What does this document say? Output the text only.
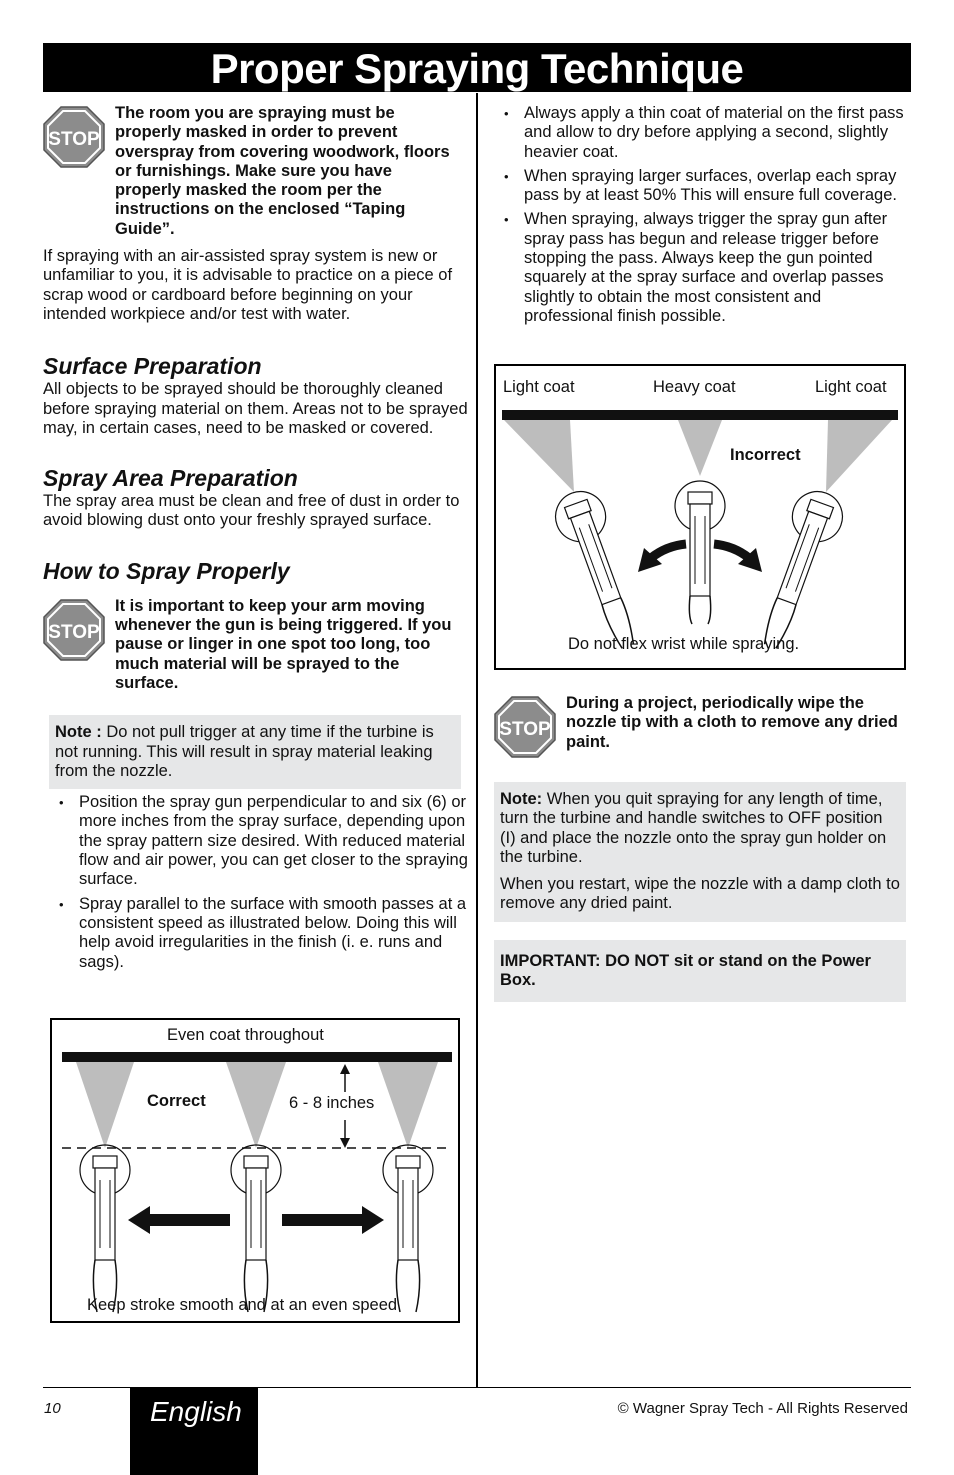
Proper Spraying Technique
STOP

The room you are spraying must be properly masked in order to prevent overspray from covering woodwork, floors or furnishings. Make sure you have properly masked the room per the instructions on the enclosed “Taping Guide”.

If spraying with an air-assisted spray system is new or unfamiliar to you, it is advisable to practice on a piece of scrap wood or cardboard before beginning on your intended workpiece and/or test with water.

Surface Preparation

All objects to be sprayed should be thoroughly cleaned before spraying material on them. Areas not to be sprayed may, in certain cases, need to be masked or covered.

Spray Area Preparation

The spray area must be clean and free of dust in order to avoid blowing dust onto your freshly sprayed surface.

How to Spray Properly
STOP

It is important to keep your arm moving whenever the gun is being triggered. If you pause or linger in one spot too long, too much material will be sprayed to the surface.

Note : Do not pull trigger at any time if the turbine is not running. This will result in spray material leaking from the nozzle.

• Position the spray gun perpendicular to and six (6) or more inches from the spray surface, depending upon the spray pattern size desired. With reduced material flow and air power, you can get closer to the spraying surface.
• Spray parallel to the surface with smooth passes at a consistent speed as illustrated below. Doing this will help avoid irregularities in the finish (i. e. runs and sags).
Even coat throughout
Correct	6 - 8 inches
Keep stroke smooth and at an even speed
• Always apply a thin coat of material on the first pass and allow to dry before applying a second, slightly heavier coat.
• When spraying larger surfaces, overlap each spray pass by at least 50% This will ensure full coverage.
• When spraying, always trigger the spray gun after spray pass has begun and release trigger before stopping the pass. Always keep the gun pointed squarely at the spray surface and overlap passes slightly to obtain the most consistent and professional finish possible.
Light coat	Heavy coat	Light coat
Incorrect
Do not flex wrist while spraying.
STOP

During a project, periodically wipe the nozzle tip with a cloth to remove any dried paint.

Note: When you quit spraying for any length of time, turn the turbine and handle switches to OFF position (I) and place the nozzle onto the spray gun holder on the turbine.

When you restart, wipe the nozzle with a damp cloth to remove any dried paint.

IMPORTANT: DO NOT sit or stand on the Power Box.

10	English	© Wagner Spray Tech - All Rights Reserved
